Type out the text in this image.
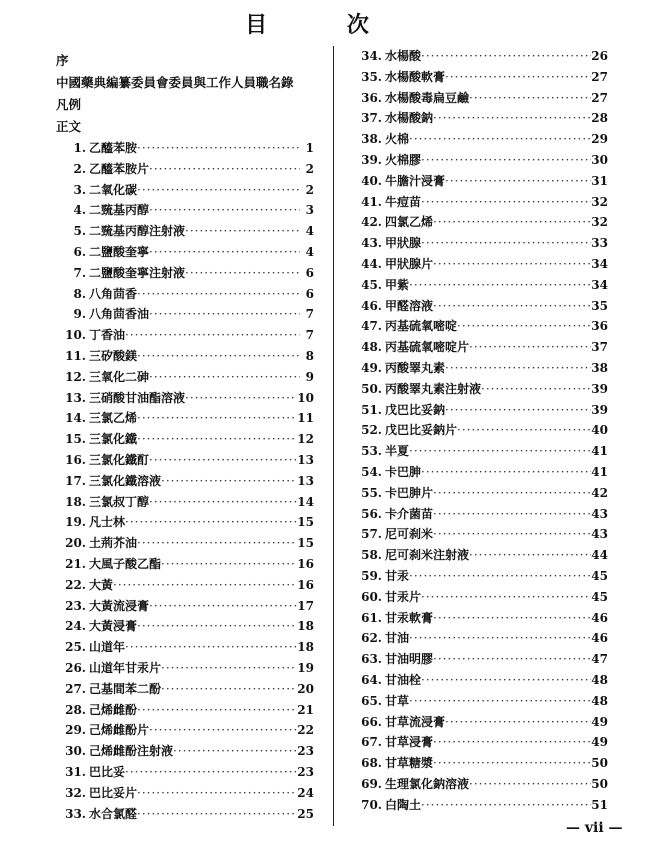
目 次
序
中國藥典編纂委員會委員與工作人員職名錄
凡例
正文
1. 乙醯苯胺 ·····	1
2. 乙醯苯胺片 ·····	2
3. 二氧化碳 ·····	2
4. 二巰基丙醇 ·····	3
5. 二巰基丙醇注射液 ·····	4
6. 二鹽酸奎寧 ·····	4
7. 二鹽酸奎寧注射液 ·····	6
8. 八角茴香 ·····	6
9. 八角茴香油 ·····	7
10. 丁香油 ·····	7
11. 三矽酸鎂 ·····	8
12. 三氧化二砷 ·····	9
13. 三硝酸甘油酯溶液 ·····	10
14. 三氯乙烯 ·····	11
15. 三氯化鐵 ·····	12
16. 三氯化鐵酊 ·····	13
17. 三氯化鐵溶液 ·····	13
18. 三氯叔丁醇 ·····	14
19. 凡士林 ·····	15
20. 土荊芥油 ·····	15
21. 大風子酸乙酯 ·····	16
22. 大黃 ·····	16
23. 大黃流浸膏 ·····	17
24. 大黃浸膏 ·····	18
25. 山道年 ·····	18
26. 山道年甘汞片 ·····	19
27. 己基間苯二酚 ·····	20
28. 己烯雌酚 ·····	21
29. 己烯雌酚片 ·····	22
30. 己烯雌酚注射液 ·····	23
31. 巴比妥 ·····	23
32. 巴比妥片 ·····	24
33. 水合氯醛 ·····	25
34. 水楊酸 ·····	26
35. 水楊酸軟膏 ·····	27
36. 水楊酸毒扁豆鹼 ·····	27
37. 水楊酸鈉 ·····	28
38. 火棉 ·····	29
39. 火棉膠 ·····	30
40. 牛膽汁浸膏 ·····	31
41. 牛痘苗 ·····	32
42. 四氯乙烯 ·····	32
43. 甲狀腺 ·····	33
44. 甲狀腺片 ·····	34
45. 甲紫 ·····	34
46. 甲醛溶液 ·····	35
47. 丙基硫氧嘧啶 ·····	36
48. 丙基硫氧嘧啶片 ·····	37
49. 丙酸睪丸素 ·····	38
50. 丙酸睪丸素注射液 ·····	39
51. 戊巴比妥鈉 ·····	39
52. 戊巴比妥鈉片 ·····	40
53. 半夏 ·····	41
54. 卡巴胂 ·····	41
55. 卡巴胂片 ·····	42
56. 卡介菌苗 ·····	43
57. 尼可刹米 ·····	43
58. 尼可刹米注射液 ·····	44
59. 甘汞 ·····	45
60. 甘汞片 ·····	45
61. 甘汞軟膏 ·····	46
62. 甘油 ·····	46
63. 甘油明膠 ·····	47
64. 甘油栓 ·····	48
65. 甘草 ·····	48
66. 甘草流浸膏 ·····	49
67. 甘草浸膏 ·····	49
68. 甘草糖漿 ·····	50
69. 生理氯化鈉溶液 ·····	50
70. 白陶土 ·····	51
— vii —
